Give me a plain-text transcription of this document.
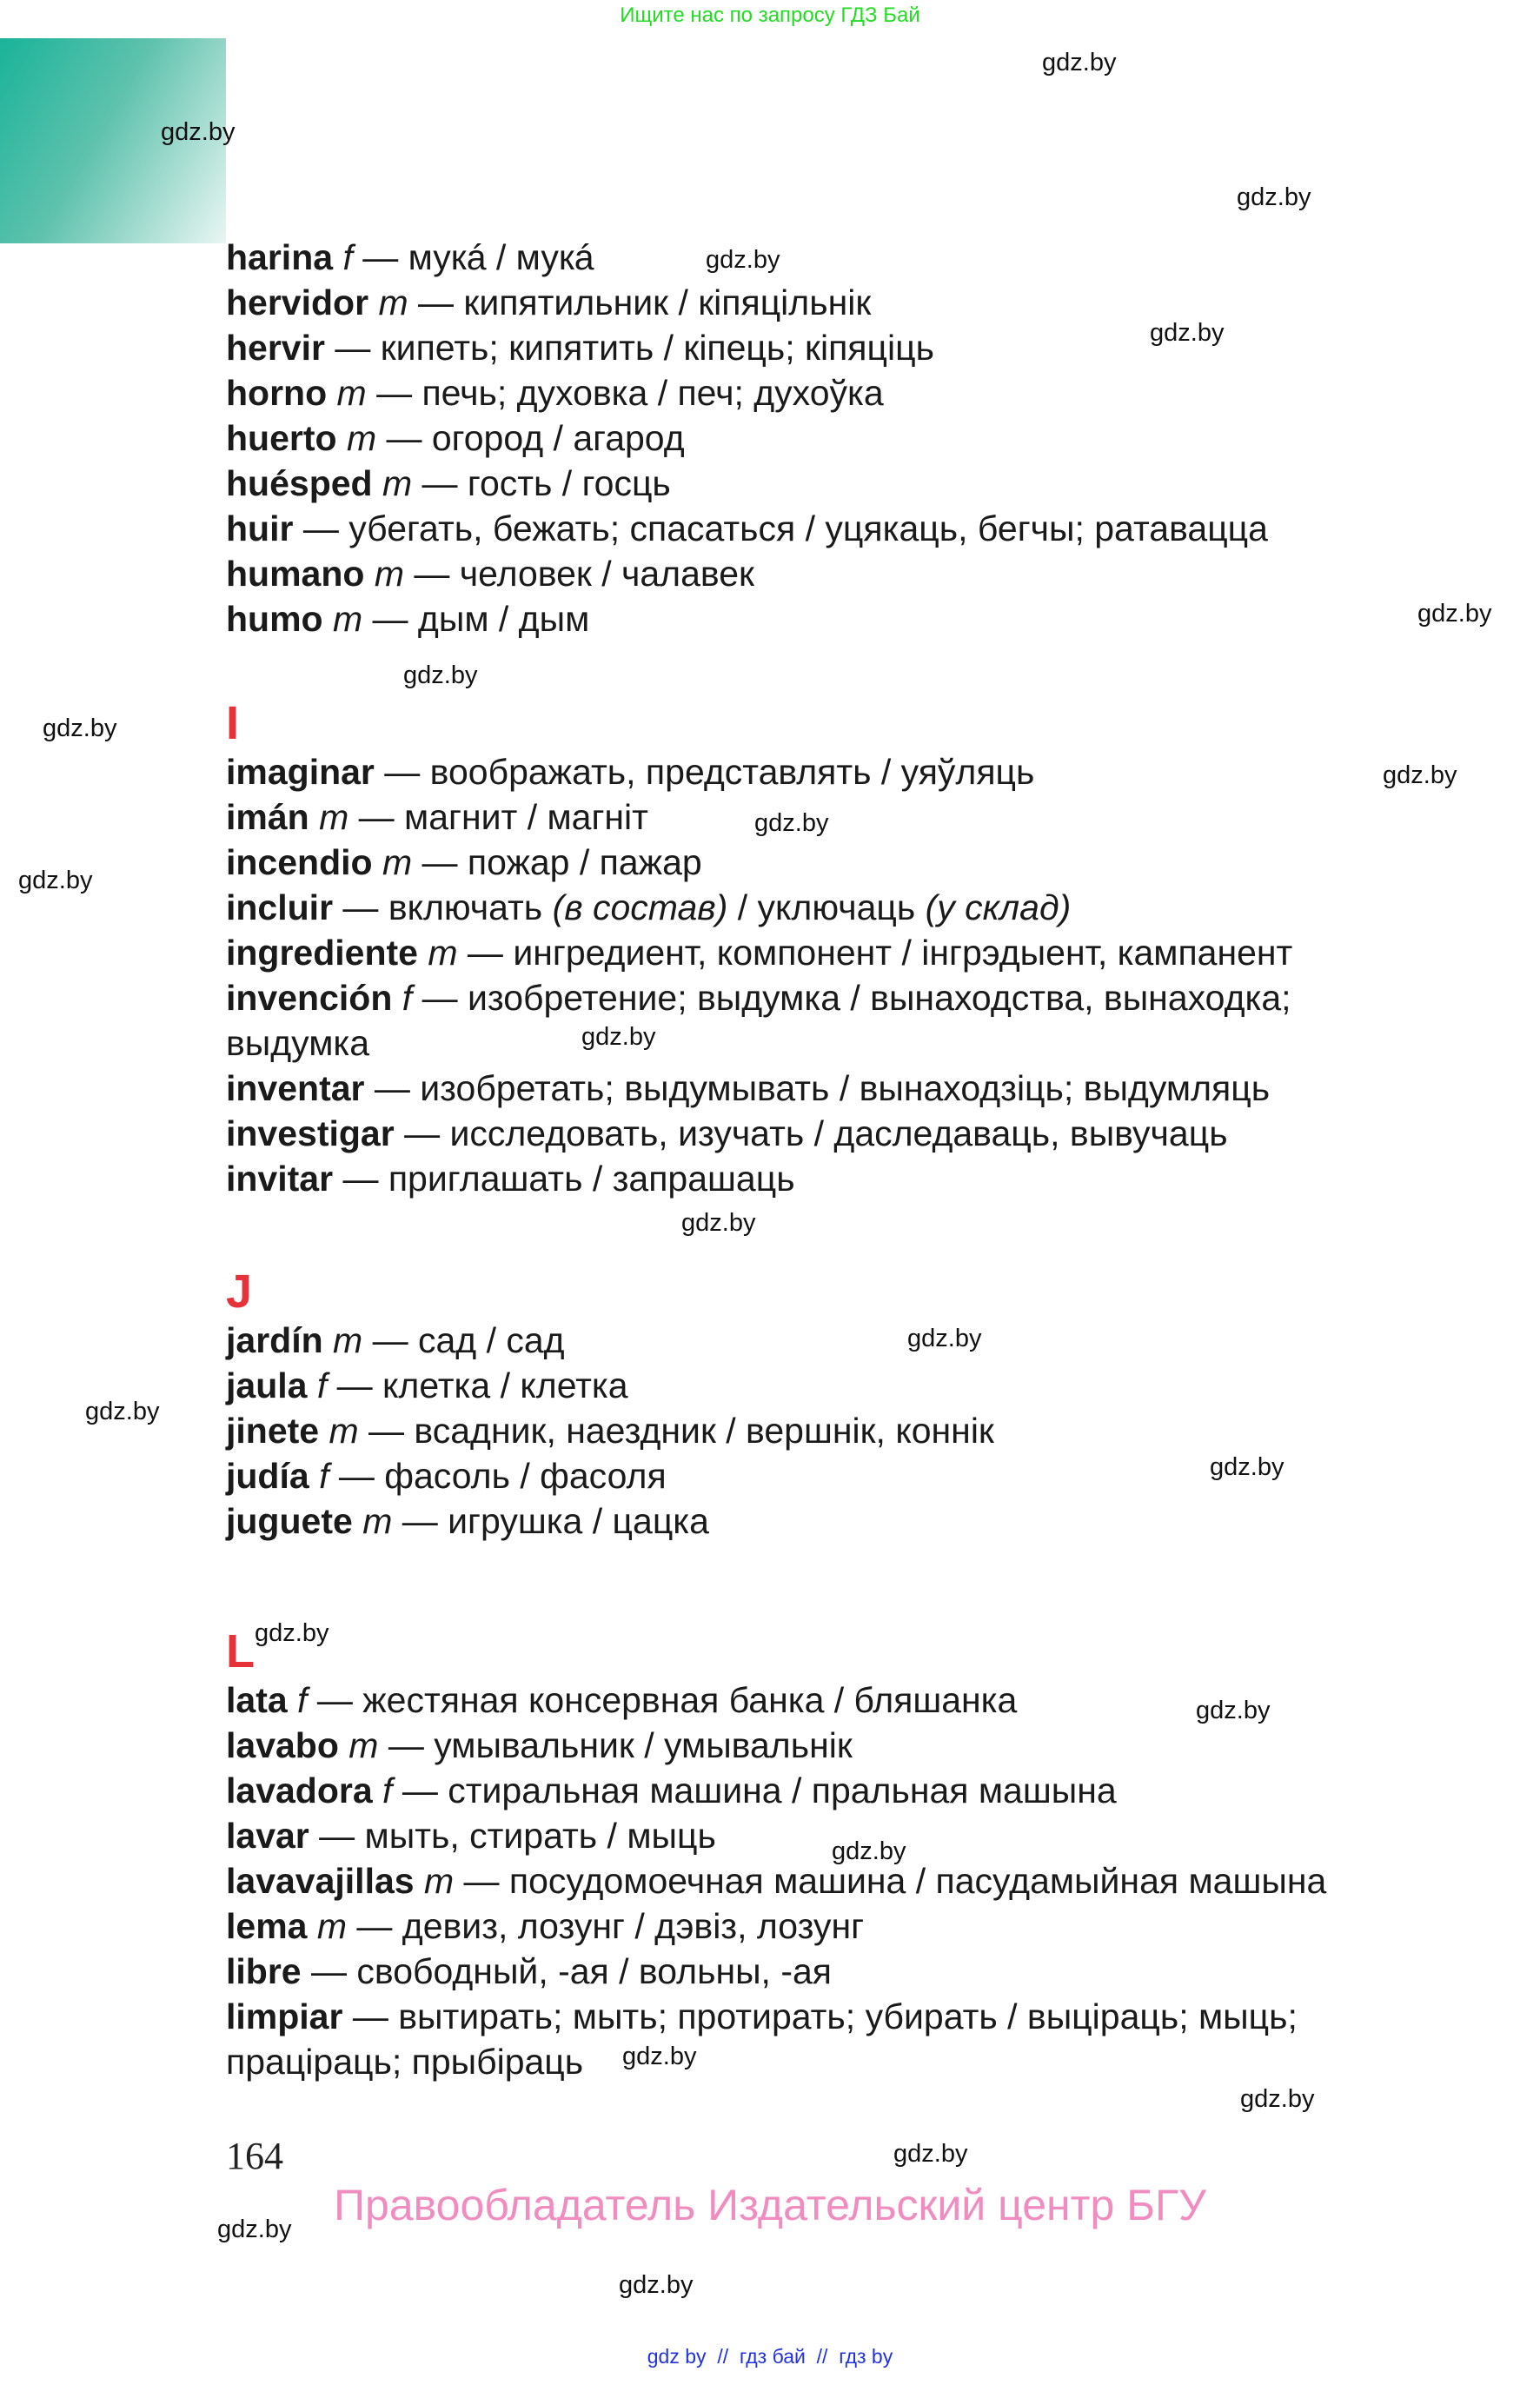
Ищите нас по запросу ГДЗ Бай
harina f — мукá / мукá
hervidor m — кипятильник / кіпяцільнік
hervir — кипеть; кипятить / кіпець; кіпяціць
horno m — печь; духовка / печ; духоўка
huerto m — огород / агарод
huésped m — гость / госць
huir — убегать, бежать; спасаться / уцякаць, бегчы; ратавацца
humano m — человек / чалавек
humo m — дым / дым
I
imaginar — воображать, представлять / уяўляць
imán m — магнит / магніт
incendio m — пожар / пажар
incluir — включать (в состав) / уключаць (у склад)
ingrediente m — ингредиент, компонент / інгрэдыент, кампанент
invención f — изобретение; выдумка / вынаходства, вынаходка;
выдумка
inventar — изобретать; выдумывать / вынаходзіць; выдумляць
investigar — исследовать, изучать / даследаваць, вывучаць
invitar — приглашать / запрашаць
J
jardín m — сад / сад
jaula f — клетка / клетка
jinete m — всадник, наездник / вершнік, коннік
judía f — фасоль / фасоля
juguete m — игрушка / цацка
L
lata f — жестяная консервная банка / бляшанка
lavabo m — умывальник / умывальнік
lavadora f — стиральная машина / пральная машына
lavar — мыть, стирать / мыць
lavavajillas m — посудомоечная машина / пасудамыйная машына
lema m — девиз, лозунг / дэвіз, лозунг
libre — свободный, -ая / вольны, -ая
limpiar — вытирать; мыть; протирать; убирать / выціраць; мыць;
праціраць; прыбіраць
gdz.by
gdz.by
gdz.by
gdz.by
gdz.by
gdz.by
gdz.by
gdz.by
gdz.by
gdz.by
gdz.by
gdz.by
gdz.by
gdz.by
gdz.by
gdz.by
gdz.by
gdz.by
gdz.by
gdz.by
gdz.by
gdz.by
gdz.by
gdz.by
164
Правообладатель Издательский центр БГУ
gdz by // гдз бай // гдз by
